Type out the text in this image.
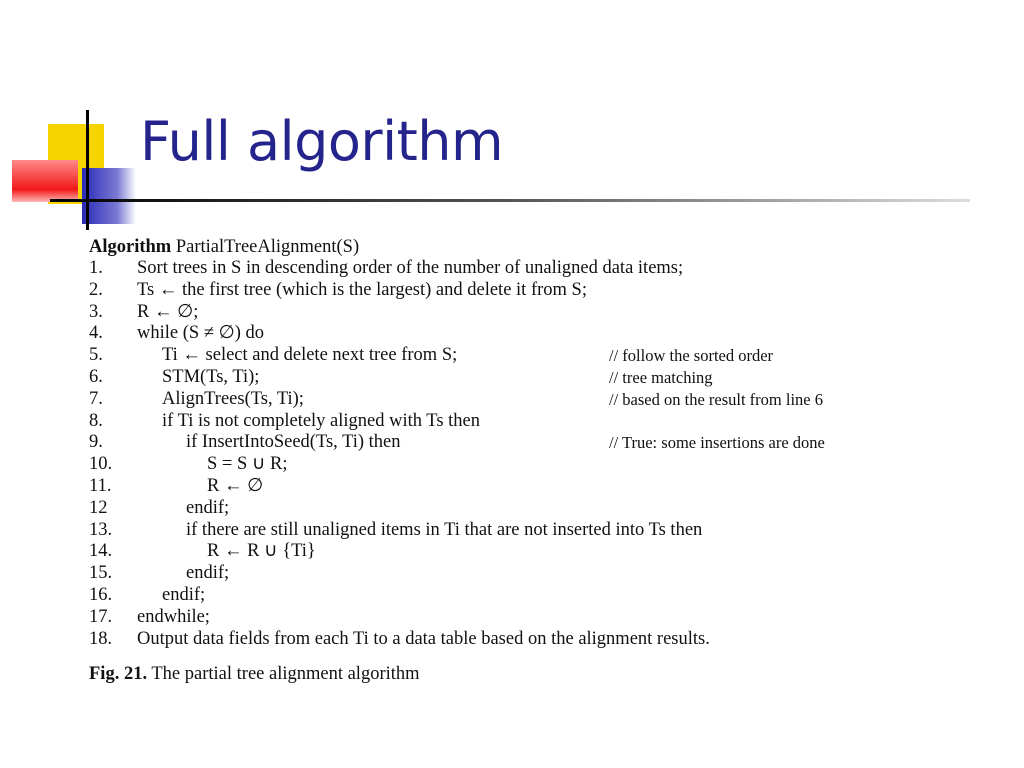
Full algorithm
Algorithm PartialTreeAlignment(S)
1. Sort trees in S in descending order of the number of unaligned data items;
2. Ts ← the first tree (which is the largest) and delete it from S;
3. R ← ∅;
4. while (S ≠ ∅) do
5.	Ti ← select and delete next tree from S;	// follow the sorted order
6.	STM(Ts, Ti);	// tree matching
7.	AlignTrees(Ts, Ti);	// based on the result from line 6
8.	if Ti is not completely aligned with Ts then
9.	if InsertIntoSeed(Ts, Ti) then	// True: some insertions are done
10.	S = S ∪ R;
11.	R ← ∅
12	endif;
13.	if there are still unaligned items in Ti that are not inserted into Ts then
14.	R ← R ∪ {Ti}
15.	endif;
16.	endif;
17. endwhile;
18. Output data fields from each Ti to a data table based on the alignment results.
Fig. 21. The partial tree alignment algorithm
